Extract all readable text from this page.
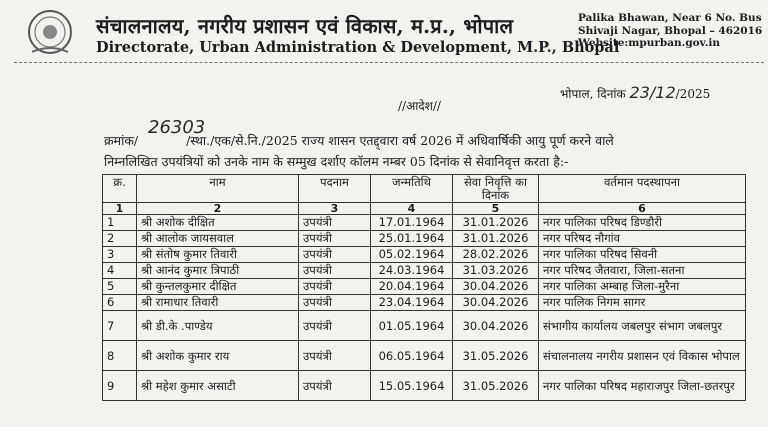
संचालनालय, नगरीय प्रशासन एवं विकास, म.प्र., भोपाल
Directorate, Urban Administration & Development, M.P., Bhopal
Palika Bhawan, Near 6 No. Bus
Shivaji Nagar, Bhopal – 462016
Website:mpurban.gov.in
भोपाल, दिनांक 23/12/2025
//आदेश//
26303
क्रमांक/	/स्था./एक/से.नि./2025 राज्य शासन एतद्द्वारा वर्ष 2026 में अधिवार्षिकी आयु पूर्ण करने वाले
निम्नलिखित उपयंत्रियों को उनके नाम के सम्मुख दर्शाए कॉलम नम्बर 05 दिनांक से सेवानिवृत्त करता है:-
क्र.	नाम	पदनाम	जन्मतिथि	सेवा निवृत्ति का दिनांक	वर्तमान पदस्थापना
1	2	3	4	5	6
1	श्री अशोक दीक्षित	उपयंत्री	17.01.1964	31.01.2026	नगर पालिका परिषद डिण्डौरी
2	श्री आलोक जायसवाल	उपयंत्री	25.01.1964	31.01.2026	नगर परिषद नौगांव
3	श्री संतोष कुमार तिवारी	उपयंत्री	05.02.1964	28.02.2026	नगर पालिका परिषद सिवनी
4	श्री आनंद कुमार त्रिपाठी	उपयंत्री	24.03.1964	31.03.2026	नगर परिषद जैतवारा, जिला-सतना
5	श्री कुन्तलकुमार दीक्षित	उपयंत्री	20.04.1964	30.04.2026	नगर पालिका अम्बाह जिला-मुरैना
6	श्री रामाधार तिवारी	उपयंत्री	23.04.1964	30.04.2026	नगर पालिक निगम सागर
7	श्री डी.के .पाण्डेय	उपयंत्री	01.05.1964	30.04.2026	संभागीय कार्यालय जबलपुर संभाग जबलपुर
8	श्री अशोक कुमार राय	उपयंत्री	06.05.1964	31.05.2026	संचालनालय नगरीय प्रशासन एवं विकास भोपाल
9	श्री महेश कुमार असाटी	उपयंत्री	15.05.1964	31.05.2026	नगर पालिका परिषद महाराजपुर जिला-छतरपुर
